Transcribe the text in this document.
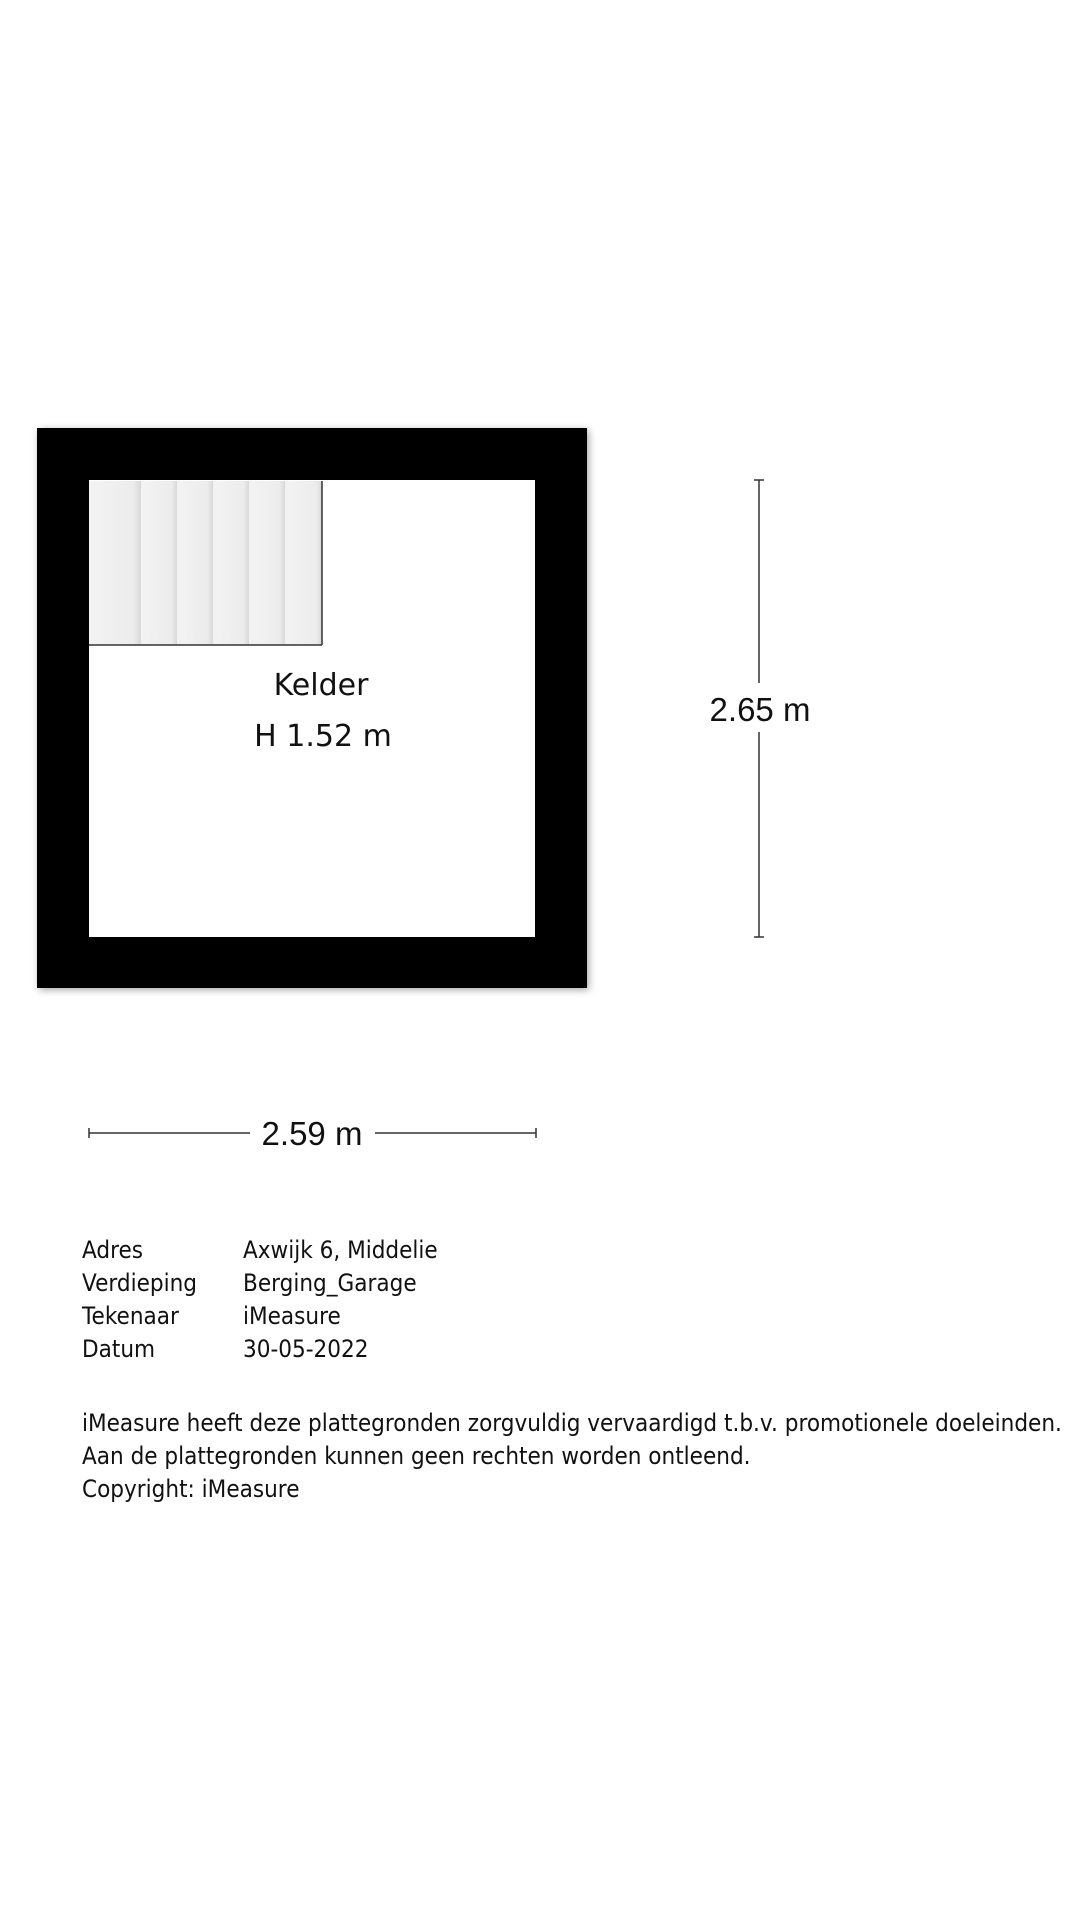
Kelder
H 1.52 m
2.65 m
2.59 m
Adres	Axwijk 6, Middelie
Verdieping	Berging_Garage
Tekenaar	iMeasure
Datum	30-05-2022
iMeasure heeft deze plattegronden zorgvuldig vervaardigd t.b.v. promotionele doeleinden.
Aan de plattegronden kunnen geen rechten worden ontleend.
Copyright: iMeasure
